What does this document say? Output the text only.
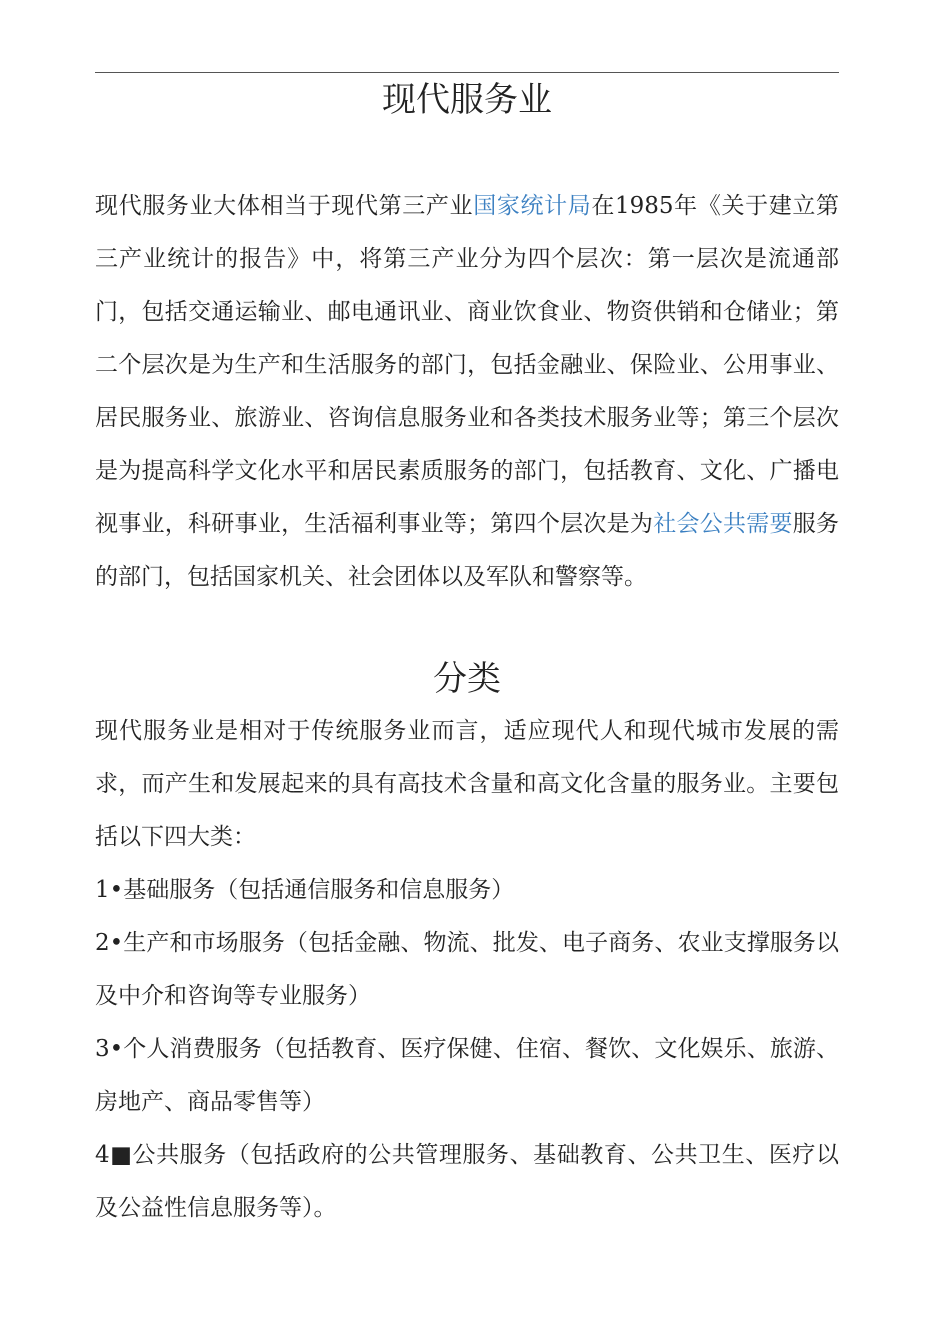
现代服务业

现代服务业大体相当于现代第三产业国家统计局在1985年《关于建立第三产业统计的报告》中，将第三产业分为四个层次：第一层次是流通部门，包括交通运输业、邮电通讯业、商业饮食业、物资供销和仓储业；第二个层次是为生产和生活服务的部门，包括金融业、保险业、公用事业、居民服务业、旅游业、咨询信息服务业和各类技术服务业等；第三个层次是为提高科学文化水平和居民素质服务的部门，包括教育、文化、广播电视事业，科研事业，生活福利事业等；第四个层次是为社会公共需要服务的部门，包括国家机关、社会团体以及军队和警察等。

分类

现代服务业是相对于传统服务业而言，适应现代人和现代城市发展的需求，而产生和发展起来的具有高技术含量和高文化含量的服务业。主要包括以下四大类：

1•基础服务（包括通信服务和信息服务）
2•生产和市场服务（包括金融、物流、批发、电子商务、农业支撑服务以及中介和咨询等专业服务）
3•个人消费服务（包括教育、医疗保健、住宿、餐饮、文化娱乐、旅游、房地产、商品零售等）
4■公共服务（包括政府的公共管理服务、基础教育、公共卫生、医疗以及公益性信息服务等）。
